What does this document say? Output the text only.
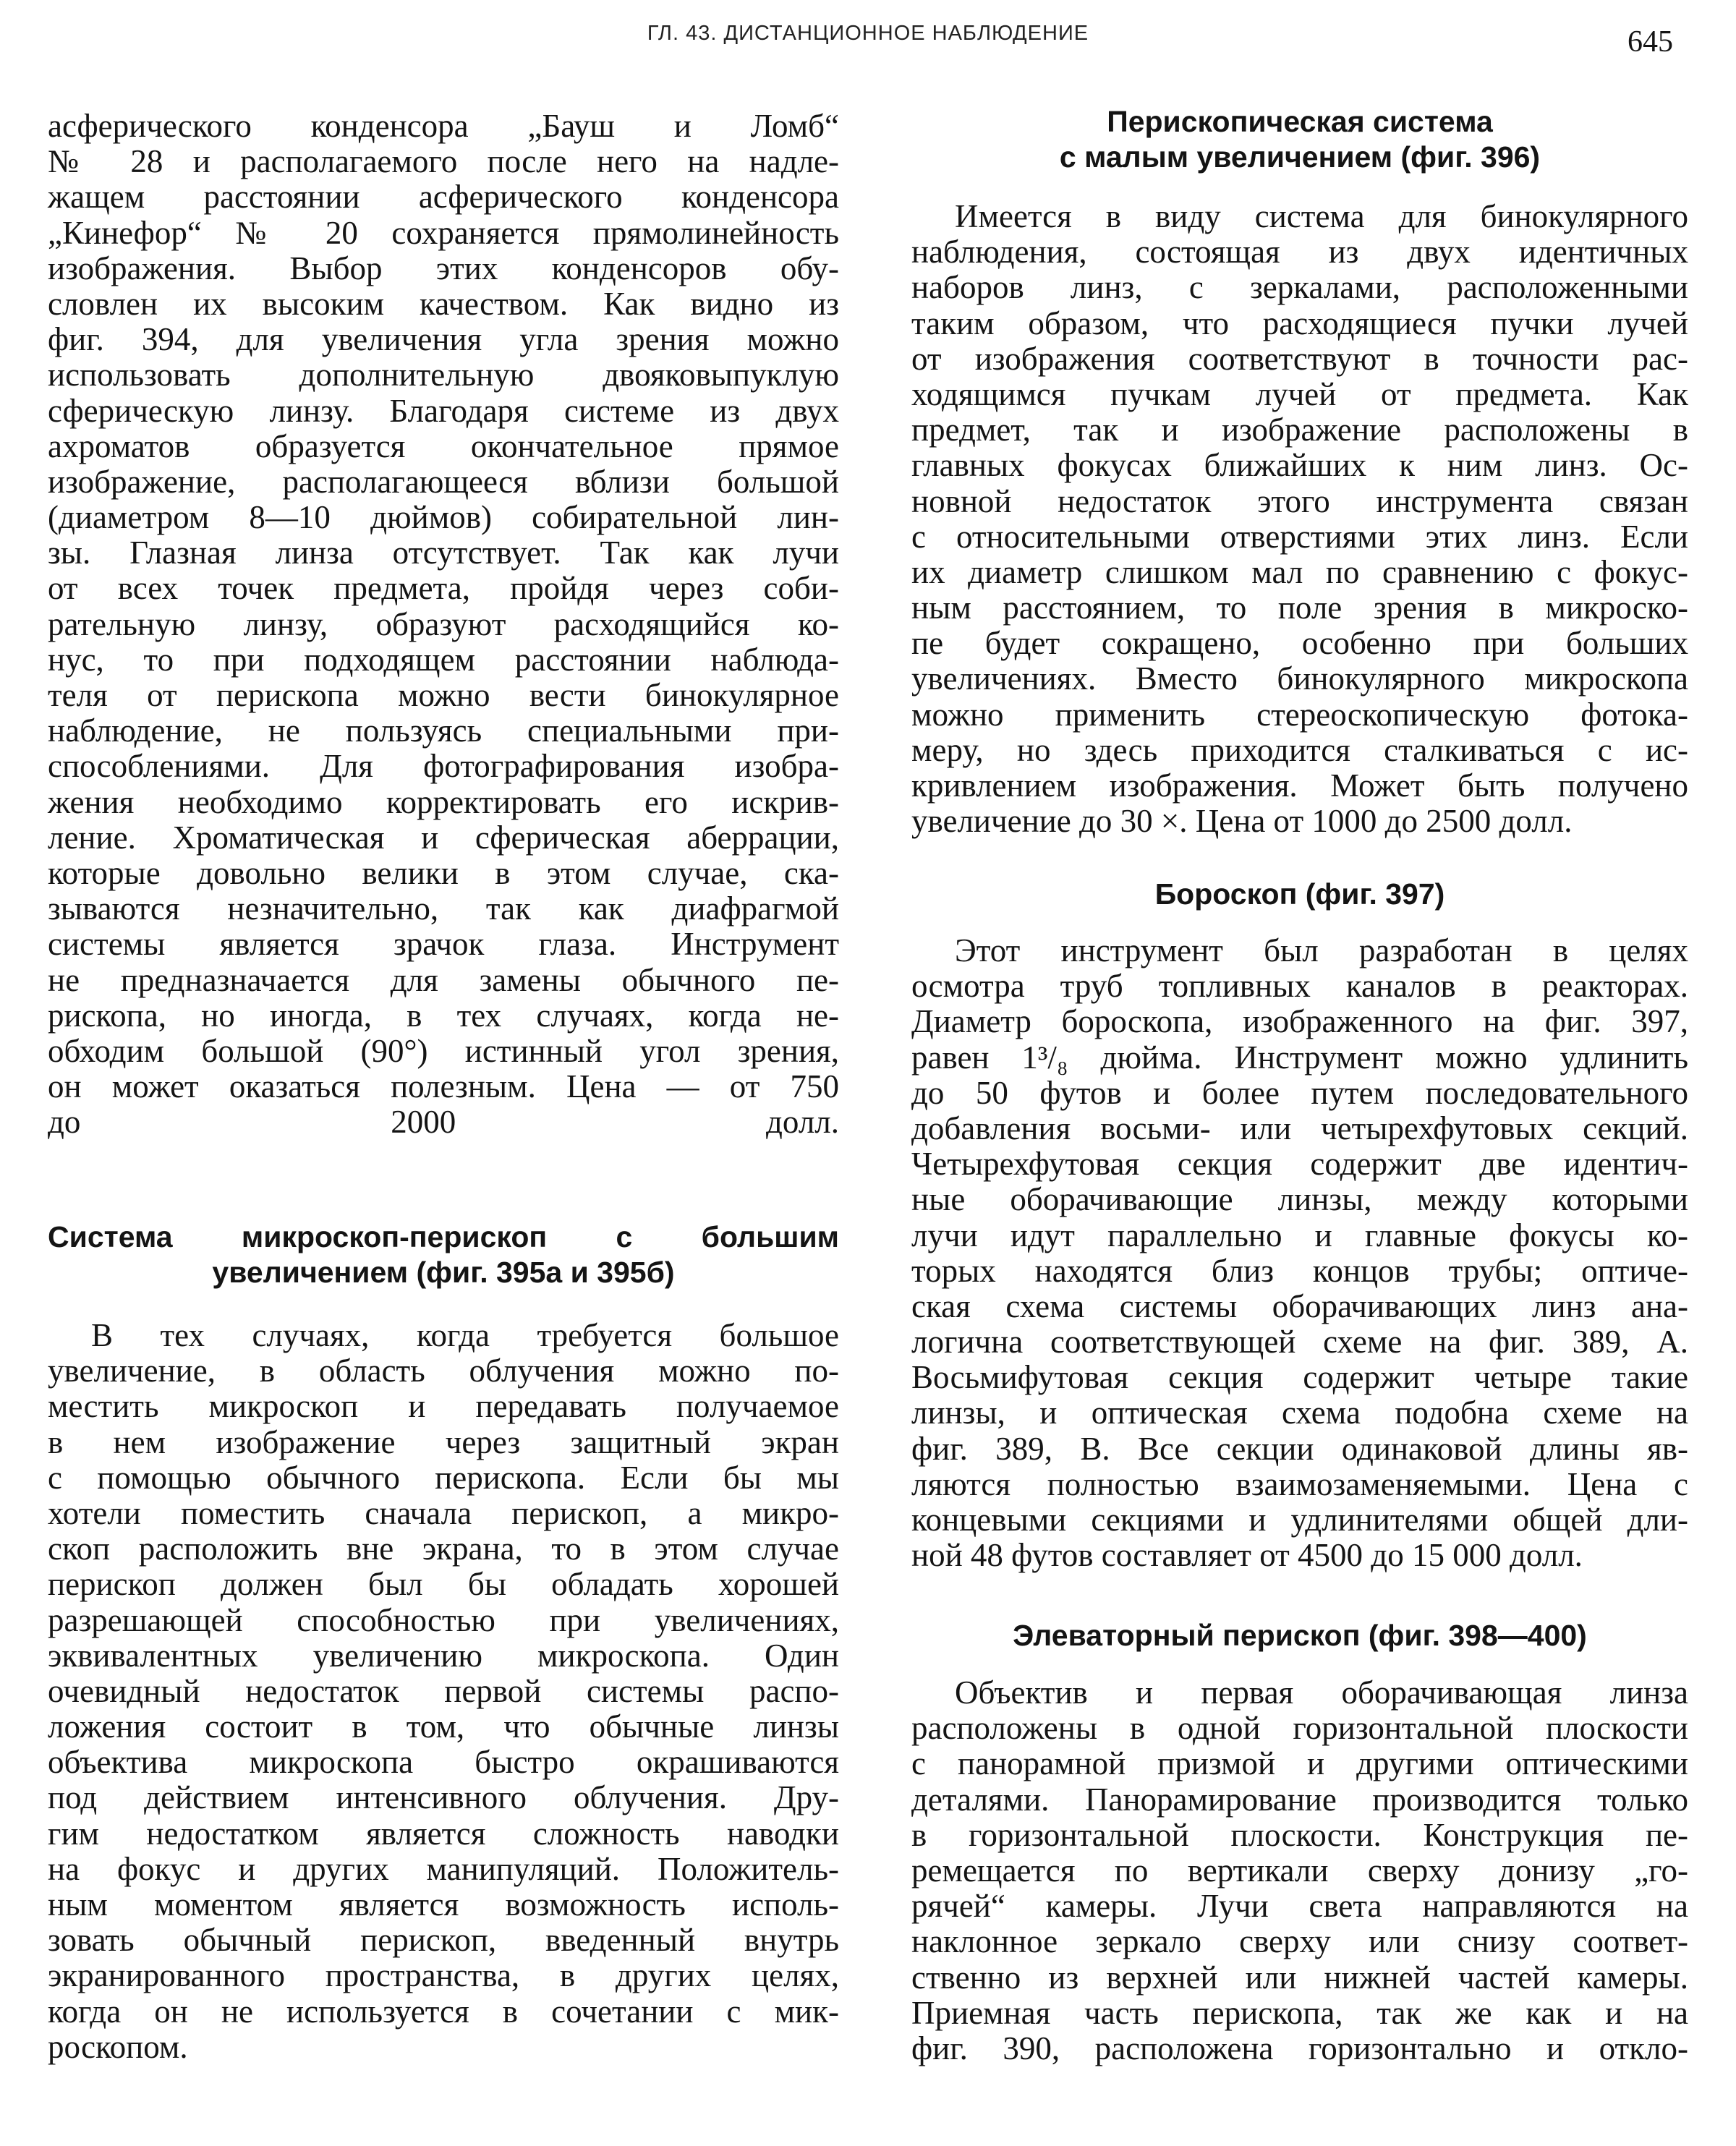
ГЛ. 43. ДИСТАНЦИОННОЕ НАБЛЮДЕНИЕ	645
асферического конденсора „Бауш и Ломб“
№ 28 и располагаемого после него на надле-
жащем расстоянии асферического конденсора
„Кинефор“ № 20 сохраняется прямолинейность
изображения. Выбор этих конденсоров обу-
словлен их высоким качеством. Как видно из
фиг. 394, для увеличения угла зрения можно
использовать дополнительную двояковыпуклую
сферическую линзу. Благодаря системе из двух
ахроматов образуется окончательное прямое
изображение, располагающееся вблизи большой
(диаметром 8—10 дюймов) собирательной лин-
зы. Глазная линза отсутствует. Так как лучи
от всех точек предмета, пройдя через соби-
рательную линзу, образуют расходящийся ко-
нус, то при подходящем расстоянии наблюда-
теля от перископа можно вести бинокулярное
наблюдение, не пользуясь специальными при-
способлениями. Для фотографирования изобра-
жения необходимо корректировать его искрив-
ление. Хроматическая и сферическая аберрации,
которые довольно велики в этом случае, ска-
зываются незначительно, так как диафрагмой
системы является зрачок глаза. Инструмент
не предназначается для замены обычного пе-
рископа, но иногда, в тех случаях, когда не-
обходим большой (90°) истинный угол зрения,
он может оказаться полезным. Цена — от 750
до 2000 долл.
Система микроскоп-перископ с большим
увеличением (фиг. 395а и 395б)
В тех случаях, когда требуется большое
увеличение, в область облучения можно по-
местить микроскоп и передавать получаемое
в нем изображение через защитный экран
с помощью обычного перископа. Если бы мы
хотели поместить сначала перископ, а микро-
скоп расположить вне экрана, то в этом случае
перископ должен был бы обладать хорошей
разрешающей способностью при увеличениях,
эквивалентных увеличению микроскопа. Один
очевидный недостаток первой системы распо-
ложения состоит в том, что обычные линзы
объектива микроскопа быстро окрашиваются
под действием интенсивного облучения. Дру-
гим недостатком является сложность наводки
на фокус и других манипуляций. Положитель-
ным моментом является возможность исполь-
зовать обычный перископ, введенный внутрь
экранированного пространства, в других целях,
когда он не используется в сочетании с мик-
роскопом.
Перископическая система
с малым увеличением (фиг. 396)
Имеется в виду система для бинокулярного
наблюдения, состоящая из двух идентичных
наборов линз, с зеркалами, расположенными
таким образом, что расходящиеся пучки лучей
от изображения соответствуют в точности рас-
ходящимся пучкам лучей от предмета. Как
предмет, так и изображение расположены в
главных фокусах ближайших к ним линз. Ос-
новной недостаток этого инструмента связан
с относительными отверстиями этих линз. Если
их диаметр слишком мал по сравнению с фокус-
ным расстоянием, то поле зрения в микроско-
пе будет сокращено, особенно при больших
увеличениях. Вместо бинокулярного микроскопа
можно применить стереоскопическую фотока-
меру, но здесь приходится сталкиваться с ис-
кривлением изображения. Может быть получено
увеличение до 30 ×. Цена от 1000 до 2500 долл.
Бороскоп (фиг. 397)
Этот инструмент был разработан в целях
осмотра труб топливных каналов в реакторах.
Диаметр бороскопа, изображенного на фиг. 397,
равен 1³/₈ дюйма. Инструмент можно удлинить
до 50 футов и более путем последовательного
добавления восьми- или четырехфутовых секций.
Четырехфутовая секция содержит две идентич-
ные оборачивающие линзы, между которыми
лучи идут параллельно и главные фокусы ко-
торых находятся близ концов трубы; оптиче-
ская схема системы оборачивающих линз ана-
логична соответствующей схеме на фиг. 389, А.
Восьмифутовая секция содержит четыре такие
линзы, и оптическая схема подобна схеме на
фиг. 389, В. Все секции одинаковой длины яв-
ляются полностью взаимозаменяемыми. Цена с
концевыми секциями и удлинителями общей дли-
ной 48 футов составляет от 4500 до 15 000 долл.
Элеваторный перископ (фиг. 398—400)
Объектив и первая оборачивающая линза
расположены в одной горизонтальной плоскости
с панорамной призмой и другими оптическими
деталями. Панорамирование производится только
в горизонтальной плоскости. Конструкция пе-
ремещается по вертикали сверху донизу „го-
рячей“ камеры. Лучи света направляются на
наклонное зеркало сверху или снизу соответ-
ственно из верхней или нижней частей камеры.
Приемная часть перископа, так же как и на
фиг. 390, расположена горизонтально и откло-
